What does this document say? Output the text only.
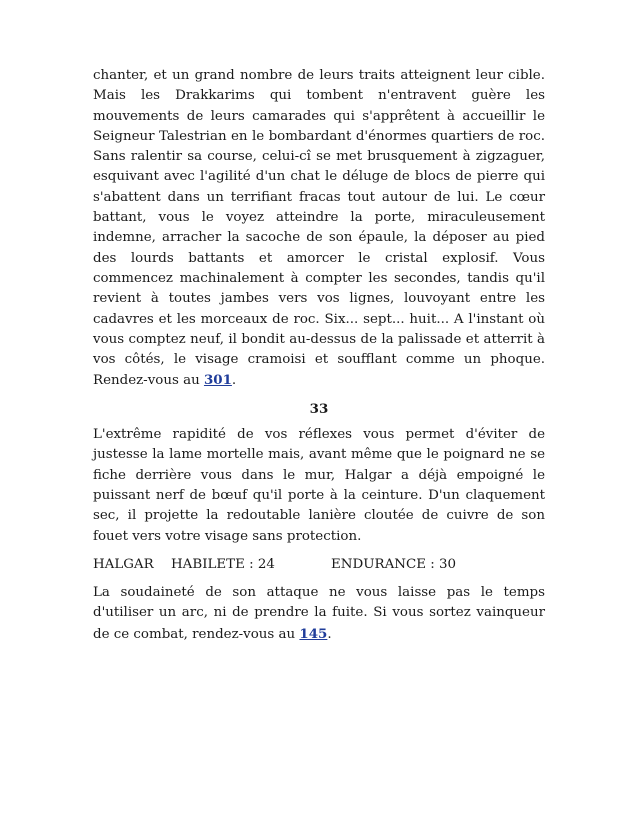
chanter, et un grand nombre de leurs traits atteignent leur cible. Mais les Drakkarims qui tombent n'entravent guère les mouvements de leurs camarades qui s'apprêtent à accueillir le Seigneur Talestrian en le bombardant d'énormes quartiers de roc. Sans ralentir sa course, celui-cî se met brusquement à zigzaguer, esquivant avec l'agilité d'un chat le déluge de blocs de pierre qui s'abattent dans un terrifiant fracas tout autour de lui. Le cœur battant, vous le voyez atteindre la porte, miraculeusement indemne, arracher la sacoche de son épaule, la déposer au pied des lourds battants et amorcer le cristal explosif. Vous commencez machinalement à compter les secondes, tandis qu'il revient à toutes jambes vers vos lignes, louvoyant entre les cadavres et les morceaux de roc. Six... sept... huit... A l'instant où vous comptez neuf, il bondit au-dessus de la palissade et atterrit à vos côtés, le visage cramoisi et soufflant comme un phoque. Rendez-vous au 301.

33

L'extrême rapidité de vos réflexes vous permet d'éviter de justesse la lame mortelle mais, avant même que le poignard ne se fiche derrière vous dans le mur, Halgar a déjà empoigné le puissant nerf de bœuf qu'il porte à la ceinture. D'un claquement sec, il projette la redoutable lanière cloutée de cuivre de son fouet vers votre visage sans protection.

HALGAR	HABILETE : 24	ENDURANCE : 30

La soudaineté de son attaque ne vous laisse pas le temps d'utiliser un arc, ni de prendre la fuite. Si vous sortez vainqueur de ce combat, rendez-vous au 145.
